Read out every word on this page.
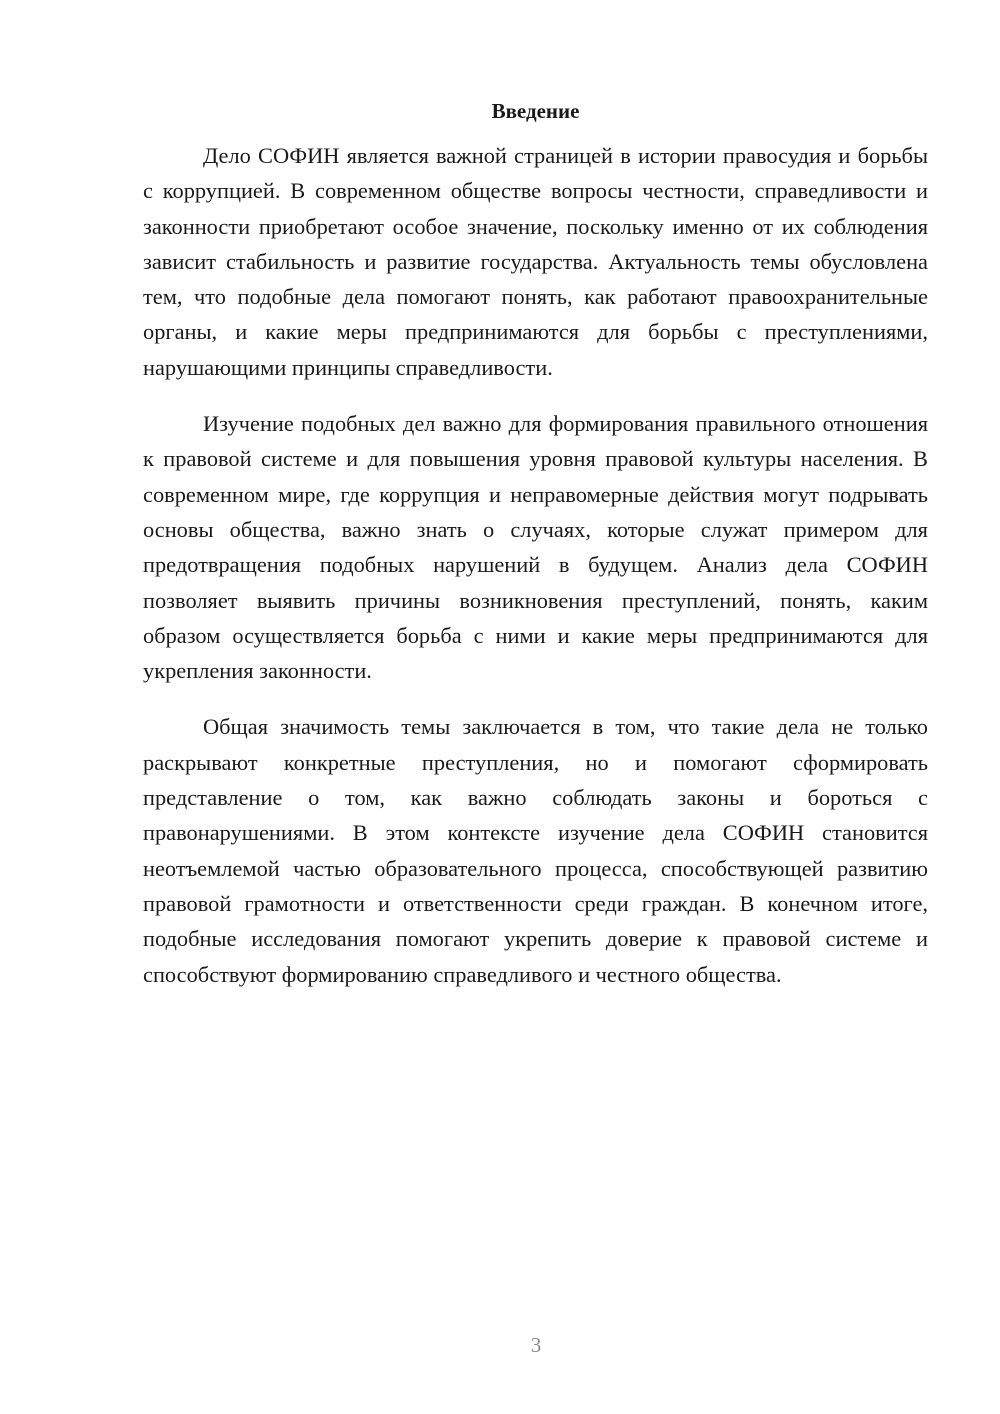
Введение

Дело СОФИН является важной страницей в истории правосудия и борьбы с коррупцией. В современном обществе вопросы честности, справедливости и законности приобретают особое значение, поскольку именно от их соблюдения зависит стабильность и развитие государства. Актуальность темы обусловлена тем, что подобные дела помогают понять, как работают правоохранительные органы, и какие меры предпринимаются для борьбы с преступлениями, нарушающими принципы справедливости.

Изучение подобных дел важно для формирования правильного отношения к правовой системе и для повышения уровня правовой культуры населения. В современном мире, где коррупция и неправомерные действия могут подрывать основы общества, важно знать о случаях, которые служат примером для предотвращения подобных нарушений в будущем. Анализ дела СОФИН позволяет выявить причины возникновения преступлений, понять, каким образом осуществляется борьба с ними и какие меры предпринимаются для укрепления законности.

Общая значимость темы заключается в том, что такие дела не только раскрывают конкретные преступления, но и помогают сформировать представление о том, как важно соблюдать законы и бороться с правонарушениями. В этом контексте изучение дела СОФИН становится неотъемлемой частью образовательного процесса, способствующей развитию правовой грамотности и ответственности среди граждан. В конечном итоге, подобные исследования помогают укрепить доверие к правовой системе и способствуют формированию справедливого и честного общества.

3
